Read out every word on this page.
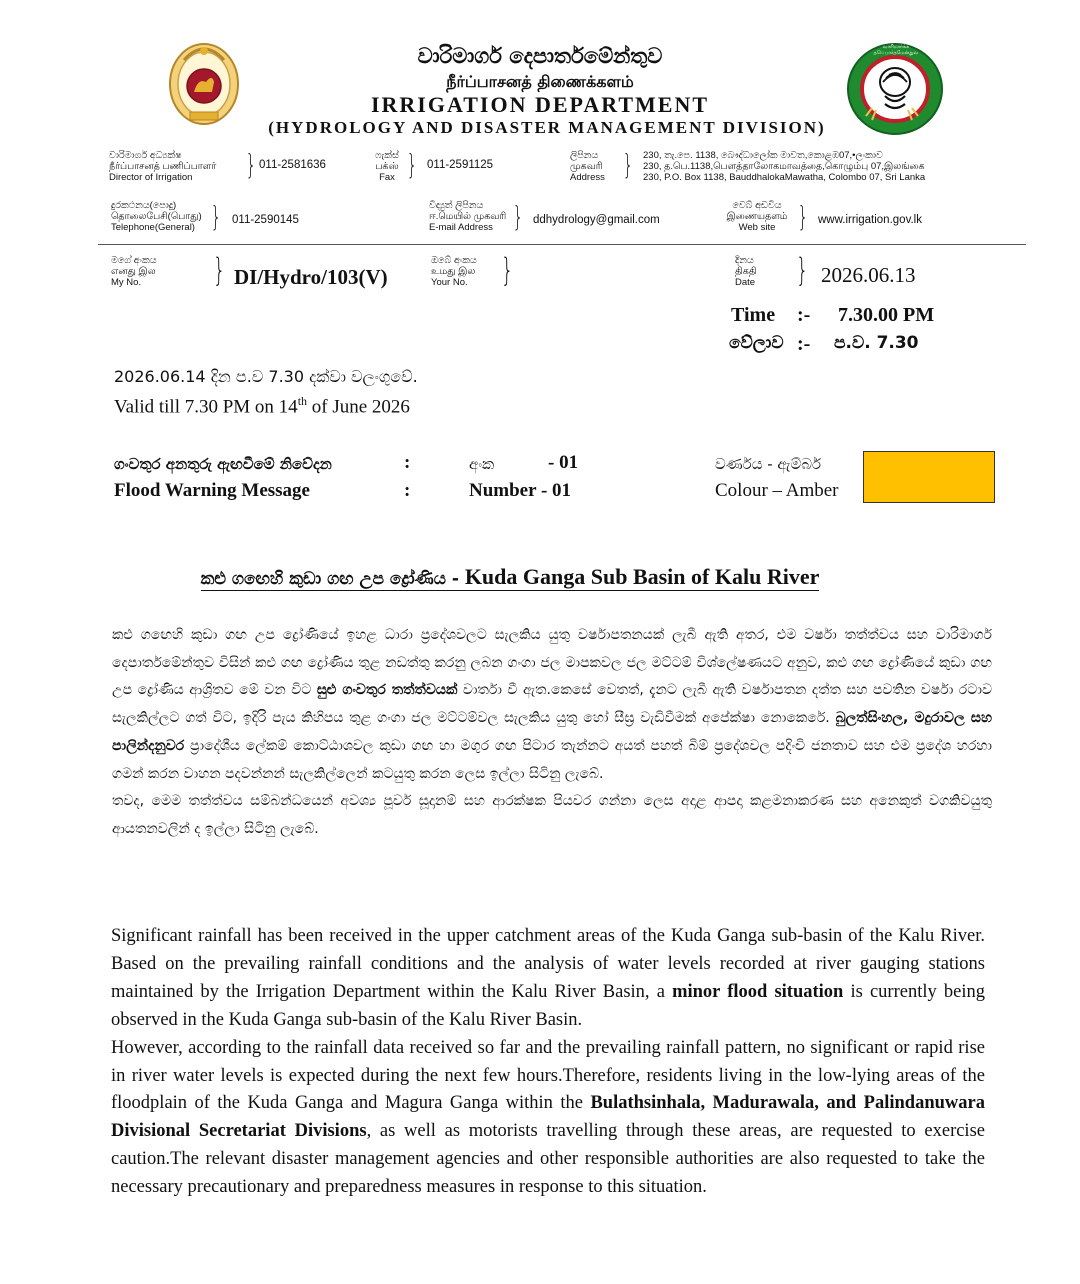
வாரிமார்க்க த⁣ெபார்தமேன்துவ
වාරිමාර්ග දෙපාර්තමේන්තුව
நீர்ப்பாசனத் திணைக்களம்
IRRIGATION DEPARTMENT
(HYDROLOGY AND DISASTER MANAGEMENT DIVISION)
වාරිමාර්ග අධ්‍යක්ෂ
நீர்ப்பாசனத் பணிப்பாளர்
Director of Irrigation	} 011-2581636
ෆැක්ස්
பக்ஸ்
Fax } 011-2591125
ලිපිනය
முகவரி
Address } 230, තැ.පෙ. 1138, බෞද්ධාලෝක මාවත,කොළඹ07,•ලංකාව
230, த.பெ.1138,பௌத்தாலோகமாவத்தை,கொழும்பு 07,இலங்கை
230, P.O. Box 1138, BauddhalokaMawatha, Colombo 07, Sri Lanka
දුරකථනය(පොදු)
தொலைபேசி(பொது)
Telephone(General) } 011-2590145
විද්‍යුත් ලිපිනය
ஈ.மெயில் முகவரி
E-mail Address } ddhydrology@gmail.com
වෙබ් අඩවිය
இணையதளம்
Web site } www.irrigation.gov.lk
මගේ අංකය
எனது இல
My No.	} DI/Hydro/103(V)
ඔබේ අංකය
உமது இல
Your No.	}	දිනය
திகதி
Date	} 2026.06.13
Time :- 7.30.00 PM
වේලාව :- ප.ව. 7.30
2026.06.14 දින ප.ව 7.30 දක්වා වලංගුවේ.
Valid till 7.30 PM on 14th of June 2026
ගංවතුර අනතුරු ඇඟවීමේ නිවේදන	:	අංක	- 01	වර්ණය - ඇම්බර්
Flood Warning Message	:	Number - 01	Colour – Amber
කළු ගඟෙහි කුඩා ගඟ උප ද්‍රෝණිය - Kuda Ganga Sub Basin of Kalu River

කළු ගඟෙහි කුඩා ගඟ උප ද්‍රෝණියේ ඉහළ ධාරා ප්‍රදේශවලට සැලකිය යුතු වර්ෂාපතනයක් ලැබී ඇති අතර, එම වර්ෂා තත්ත්වය සහ වාරිමාර්ග දෙපාර්තමේන්තුව විසින් කළු ගඟ ද්‍රෝණිය තුළ නඩත්තු කරනු ලබන ගංගා ජල මාපකවල ජල මට්ටම් විශ්ලේෂණයට අනුව, කළු ගඟ ද්‍රෝණියේ කුඩා ගඟ උප ද්‍රෝණිය ආශ්‍රිතව මේ වන විට සුළු ගංවතුර තත්ත්වයක් වාර්තා වී ඇත.කෙසේ වෙතත්, දැනට ලැබී ඇති වර්ෂාපතන දත්ත සහ පවතින වර්ෂා රටාව සැලකිල්ලට ගත් විට, ඉදිරි පැය කිහිපය තුළ ගංගා ජල මට්ටම්වල සැලකිය යුතු හෝ සීඝ්‍ර වැඩිවීමක් අපේක්ෂා නොකෙරේ. බුලත්සිංහල, මදුරාවල සහ පාලින්දනුවර ප්‍රාදේශීය ලේකම් කොට්ඨාශවල කුඩා ගඟ හා මගුර ගඟ පිටාර තැන්නට අයත් පහත් බිම් ප්‍රදේශවල පදිංචි ජනතාව සහ එම ප්‍රදේශ හරහා ගමන් කරන වාහන පදවන්නන් සැලකිල්ලෙන් කටයුතු කරන ලෙස ඉල්ලා සිටිනු ලැබේ.

තවද, මෙම තත්ත්වය සම්බන්ධයෙන් අවශ්‍ය පූර්ව සූදානම් සහ ආරක්ෂක පියවර ගන්නා ලෙස අදාළ ආපදා කළමනාකරණ සහ අනෙකුත් වගකිවයුතු ආයතනවලින් ද ඉල්ලා සිටිනු ලැබේ.

Significant rainfall has been received in the upper catchment areas of the Kuda Ganga sub-basin of the Kalu River. Based on the prevailing rainfall conditions and the analysis of water levels recorded at river gauging stations maintained by the Irrigation Department within the Kalu River Basin, a minor flood situation is currently being observed in the Kuda Ganga sub-basin of the Kalu River Basin.

However, according to the rainfall data received so far and the prevailing rainfall pattern, no significant or rapid rise in river water levels is expected during the next few hours.Therefore, residents living in the low-lying areas of the floodplain of the Kuda Ganga and Magura Ganga within the Bulathsinhala, Madurawala, and Palindanuwara Divisional Secretariat Divisions, as well as motorists travelling through these areas, are requested to exercise caution.The relevant disaster management agencies and other responsible authorities are also requested to take the necessary precautionary and preparedness measures in response to this situation.
